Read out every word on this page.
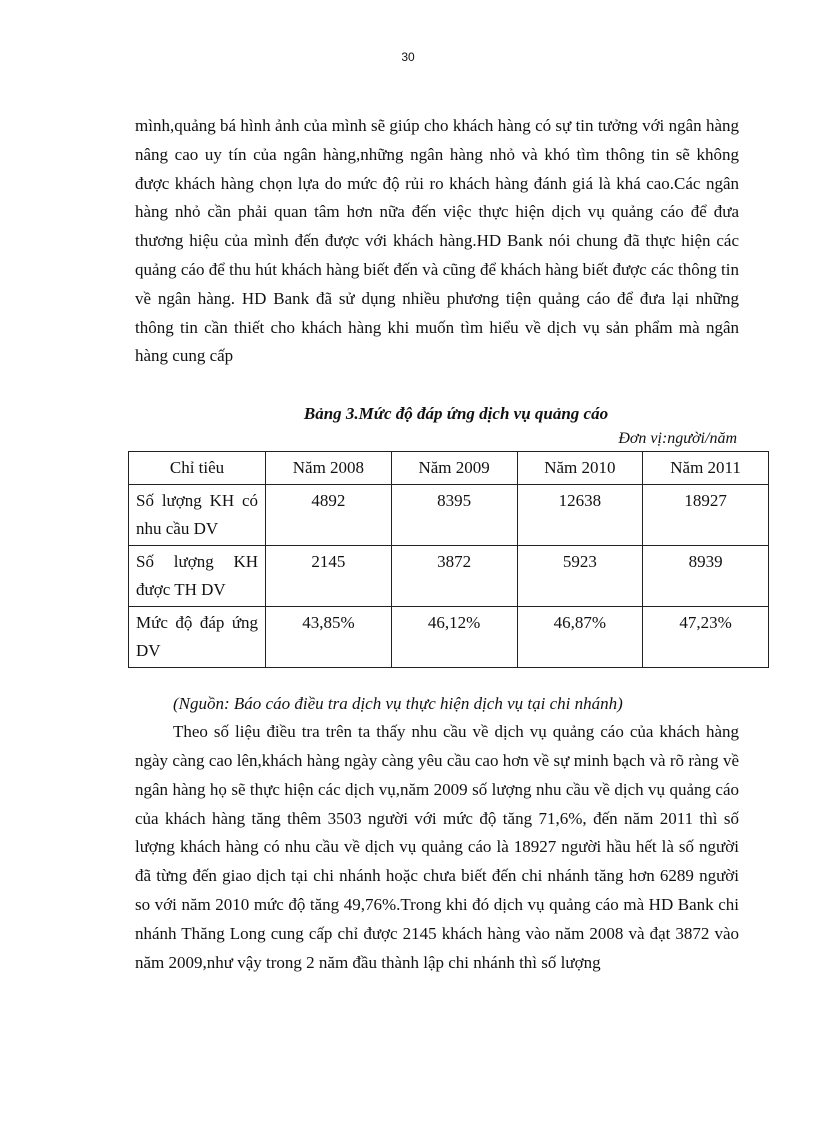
30

mình,quảng bá hình ảnh của mình sẽ giúp cho khách hàng có sự tin tưởng với ngân hàng nâng cao uy tín của ngân hàng,những ngân hàng nhỏ và khó tìm thông tin sẽ không được khách hàng chọn lựa do mức độ rủi ro khách hàng đánh giá là khá cao.Các ngân hàng nhỏ cần phải quan tâm hơn nữa đến việc thực hiện dịch vụ quảng cáo để đưa thương hiệu của mình đến được với khách hàng.HD Bank nói chung đã thực hiện các quảng cáo để thu hút khách hàng biết đến và cũng để khách hàng biết được các thông tin về ngân hàng. HD Bank đã sử dụng nhiều phương tiện quảng cáo để đưa lại những thông tin cần thiết cho khách hàng khi muốn tìm hiểu về dịch vụ sản phẩm mà ngân hàng cung cấp

Bảng 3.Mức độ đáp ứng dịch vụ quảng cáo

Đơn vị:người/năm

Chỉ tiêu	Năm 2008	Năm 2009	Năm 2010	Năm 2011
Số lượng KH có nhu cầu DV	4892	8395	12638	18927
Số lượng KH được TH DV	2145	3872	5923	8939
Mức độ đáp ứng DV	43,85%	46,12%	46,87%	47,23%

(Nguồn: Báo cáo điều tra dịch vụ thực hiện dịch vụ tại chi nhánh)

Theo số liệu điều tra trên ta thấy nhu cầu về dịch vụ quảng cáo của khách hàng ngày càng cao lên,khách hàng ngày càng yêu cầu cao hơn về sự minh bạch và rõ ràng về ngân hàng họ sẽ thực hiện các dịch vụ,năm 2009 số lượng nhu cầu về dịch vụ quảng cáo của khách hàng tăng thêm 3503 người với mức độ tăng 71,6%, đến năm 2011 thì số lượng khách hàng có nhu cầu về dịch vụ quảng cáo là 18927 người hầu hết là số người đã từng đến giao dịch tại chi nhánh hoặc chưa biết đến chi nhánh tăng hơn 6289 người so với năm 2010 mức độ tăng 49,76%.Trong khi đó dịch vụ quảng cáo mà HD Bank chi nhánh Thăng Long cung cấp chỉ được 2145 khách hàng vào năm 2008 và đạt 3872 vào năm 2009,như vậy trong 2 năm đầu thành lập chi nhánh thì số lượng
